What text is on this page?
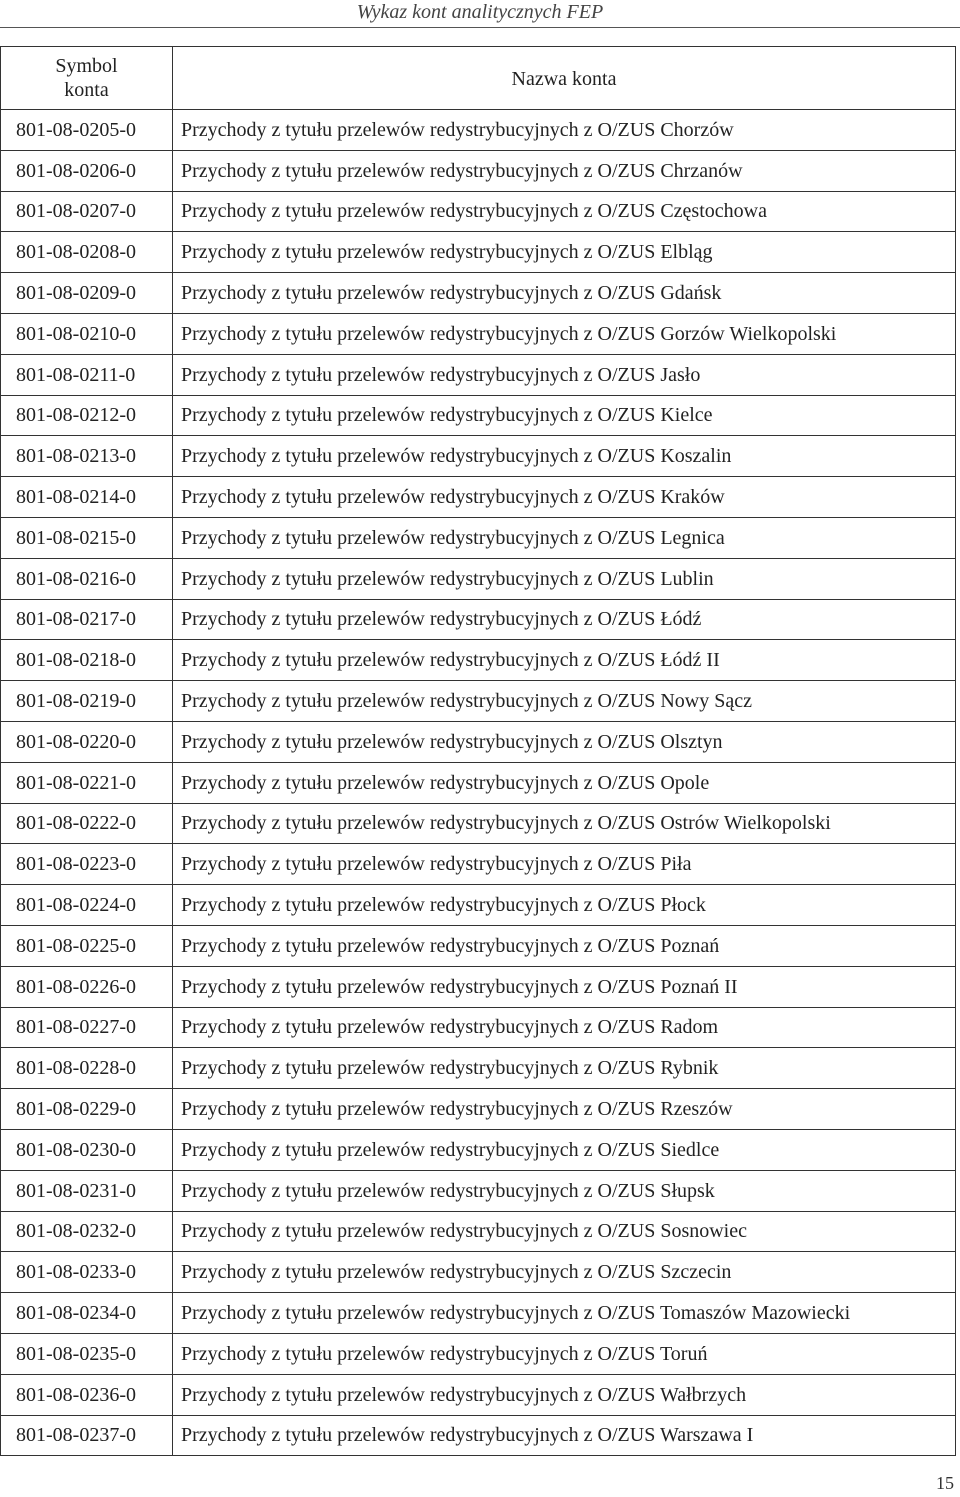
Wykaz kont analitycznych FEP
Symbol
konta	Nazwa konta
801-08-0205-0	Przychody z tytułu przelewów redystrybucyjnych z O/ZUS Chorzów
801-08-0206-0	Przychody z tytułu przelewów redystrybucyjnych z O/ZUS Chrzanów
801-08-0207-0	Przychody z tytułu przelewów redystrybucyjnych z O/ZUS Częstochowa
801-08-0208-0	Przychody z tytułu przelewów redystrybucyjnych z O/ZUS Elbląg
801-08-0209-0	Przychody z tytułu przelewów redystrybucyjnych z O/ZUS Gdańsk
801-08-0210-0	Przychody z tytułu przelewów redystrybucyjnych z O/ZUS Gorzów Wielkopolski
801-08-0211-0	Przychody z tytułu przelewów redystrybucyjnych z O/ZUS Jasło
801-08-0212-0	Przychody z tytułu przelewów redystrybucyjnych z O/ZUS Kielce
801-08-0213-0	Przychody z tytułu przelewów redystrybucyjnych z O/ZUS Koszalin
801-08-0214-0	Przychody z tytułu przelewów redystrybucyjnych z O/ZUS Kraków
801-08-0215-0	Przychody z tytułu przelewów redystrybucyjnych z O/ZUS Legnica
801-08-0216-0	Przychody z tytułu przelewów redystrybucyjnych z O/ZUS Lublin
801-08-0217-0	Przychody z tytułu przelewów redystrybucyjnych z O/ZUS Łódź
801-08-0218-0	Przychody z tytułu przelewów redystrybucyjnych z O/ZUS Łódź II
801-08-0219-0	Przychody z tytułu przelewów redystrybucyjnych z O/ZUS Nowy Sącz
801-08-0220-0	Przychody z tytułu przelewów redystrybucyjnych z O/ZUS Olsztyn
801-08-0221-0	Przychody z tytułu przelewów redystrybucyjnych z O/ZUS Opole
801-08-0222-0	Przychody z tytułu przelewów redystrybucyjnych z O/ZUS Ostrów Wielkopolski
801-08-0223-0	Przychody z tytułu przelewów redystrybucyjnych z O/ZUS Piła
801-08-0224-0	Przychody z tytułu przelewów redystrybucyjnych z O/ZUS Płock
801-08-0225-0	Przychody z tytułu przelewów redystrybucyjnych z O/ZUS Poznań
801-08-0226-0	Przychody z tytułu przelewów redystrybucyjnych z O/ZUS Poznań II
801-08-0227-0	Przychody z tytułu przelewów redystrybucyjnych z O/ZUS Radom
801-08-0228-0	Przychody z tytułu przelewów redystrybucyjnych z O/ZUS Rybnik
801-08-0229-0	Przychody z tytułu przelewów redystrybucyjnych z O/ZUS Rzeszów
801-08-0230-0	Przychody z tytułu przelewów redystrybucyjnych z O/ZUS Siedlce
801-08-0231-0	Przychody z tytułu przelewów redystrybucyjnych z O/ZUS Słupsk
801-08-0232-0	Przychody z tytułu przelewów redystrybucyjnych z O/ZUS Sosnowiec
801-08-0233-0	Przychody z tytułu przelewów redystrybucyjnych z O/ZUS Szczecin
801-08-0234-0	Przychody z tytułu przelewów redystrybucyjnych z O/ZUS Tomaszów Mazowiecki
801-08-0235-0	Przychody z tytułu przelewów redystrybucyjnych z O/ZUS Toruń
801-08-0236-0	Przychody z tytułu przelewów redystrybucyjnych z O/ZUS Wałbrzych
801-08-0237-0	Przychody z tytułu przelewów redystrybucyjnych z O/ZUS Warszawa I
15
